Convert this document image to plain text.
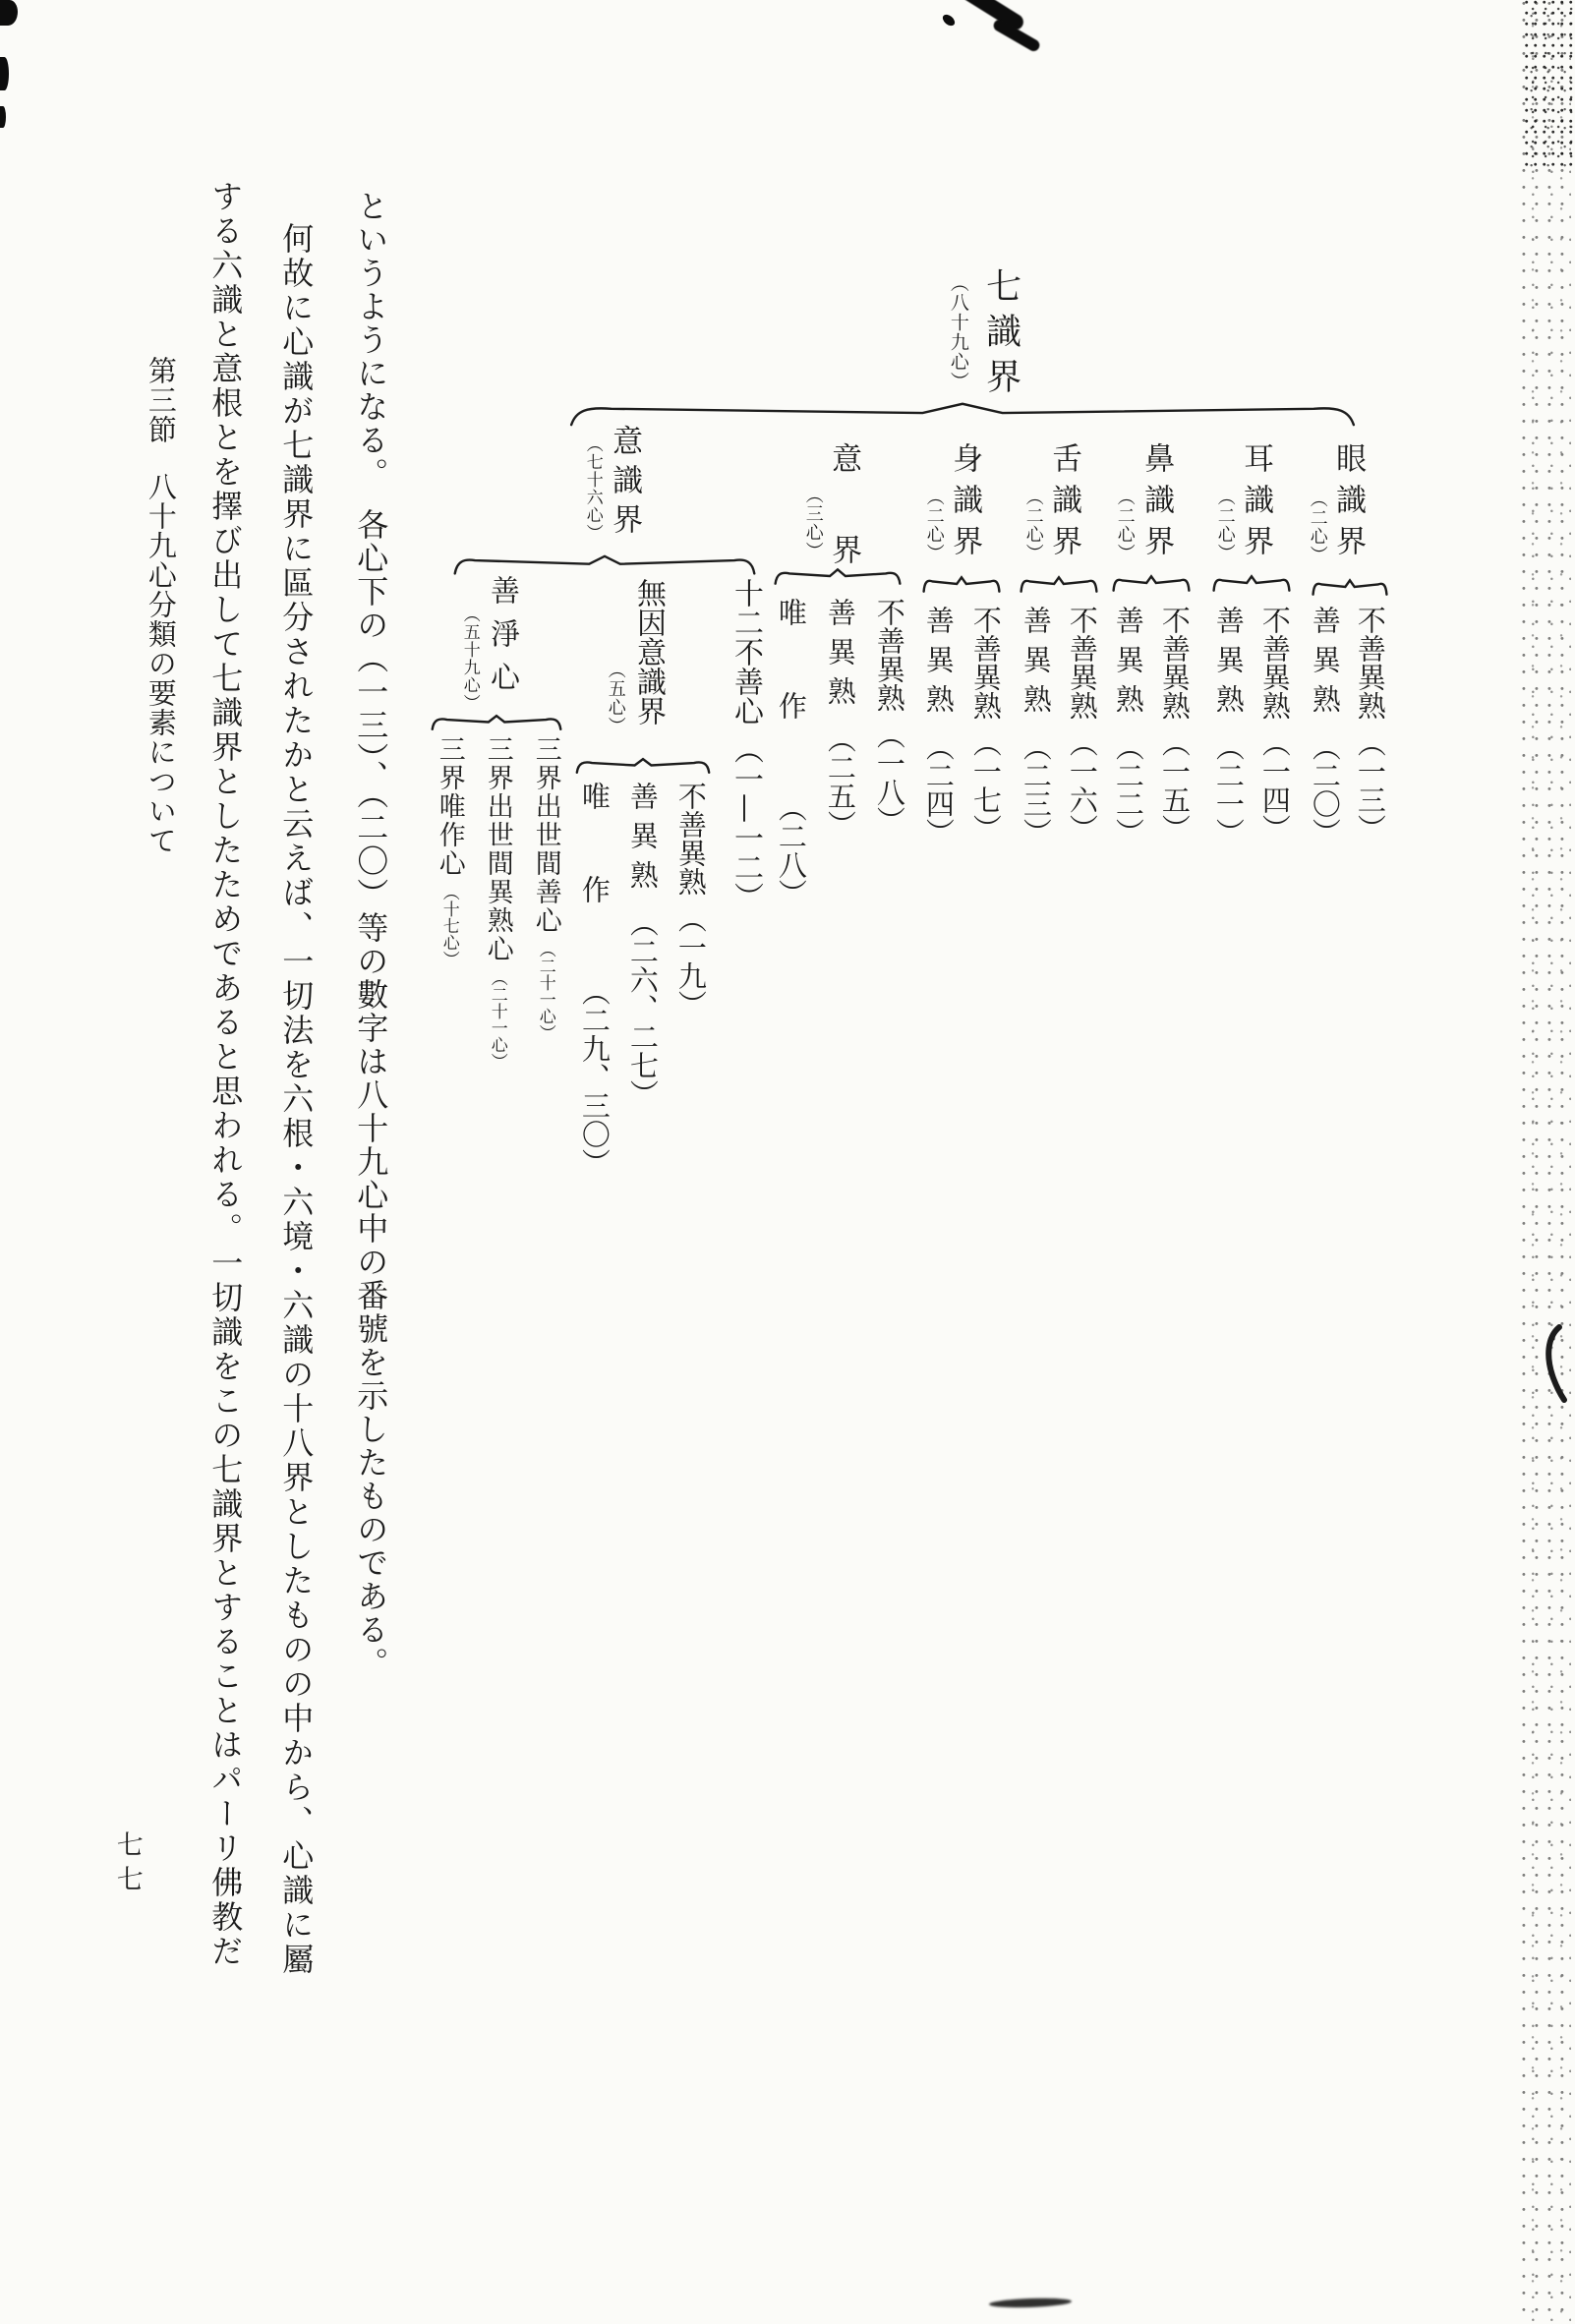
七識界
（八十九心）
眼識界
（二心）
不善異熟（一三）
善異熟（二〇）
耳識界
（二心）
不善異熟（一四）
善異熟（二一）
鼻識界
（二心）
不善異熟（一五）
善異熟（二二）
舌識界
（二心）
不善異熟（一六）
善異熟（二三）
身識界
（二心）
不善異熟（一七）
善異熟（二四）
意界
（三心）
不善異熟（一八）
善異熟（二五）
唯作（二八）
意識界
（七十六心）
十二不善心（一—一二）
無因意識界
（五心）
不善異熟（一九）
善異熟（二六、二七）
唯作（二九、三〇）
善淨心
（五十九心）
三界出世間善心（二十一心）
三界出世間異熟心（二十一心）
三界唯作心（十七心）
というようになる。　各心下の（一三）、（二〇）等の數字は八十九心中の番號を示したものである。
何故に心識が七識界に區分されたかと云えば、一切法を六根・六境・六識の十八界としたものの中から、心識に屬
する六識と意根とを擇び出して七識界としたためであると思われる。一切識をこの七識界とすることはパーリ佛教だ
第三節八十九心分類の要素について
七七
